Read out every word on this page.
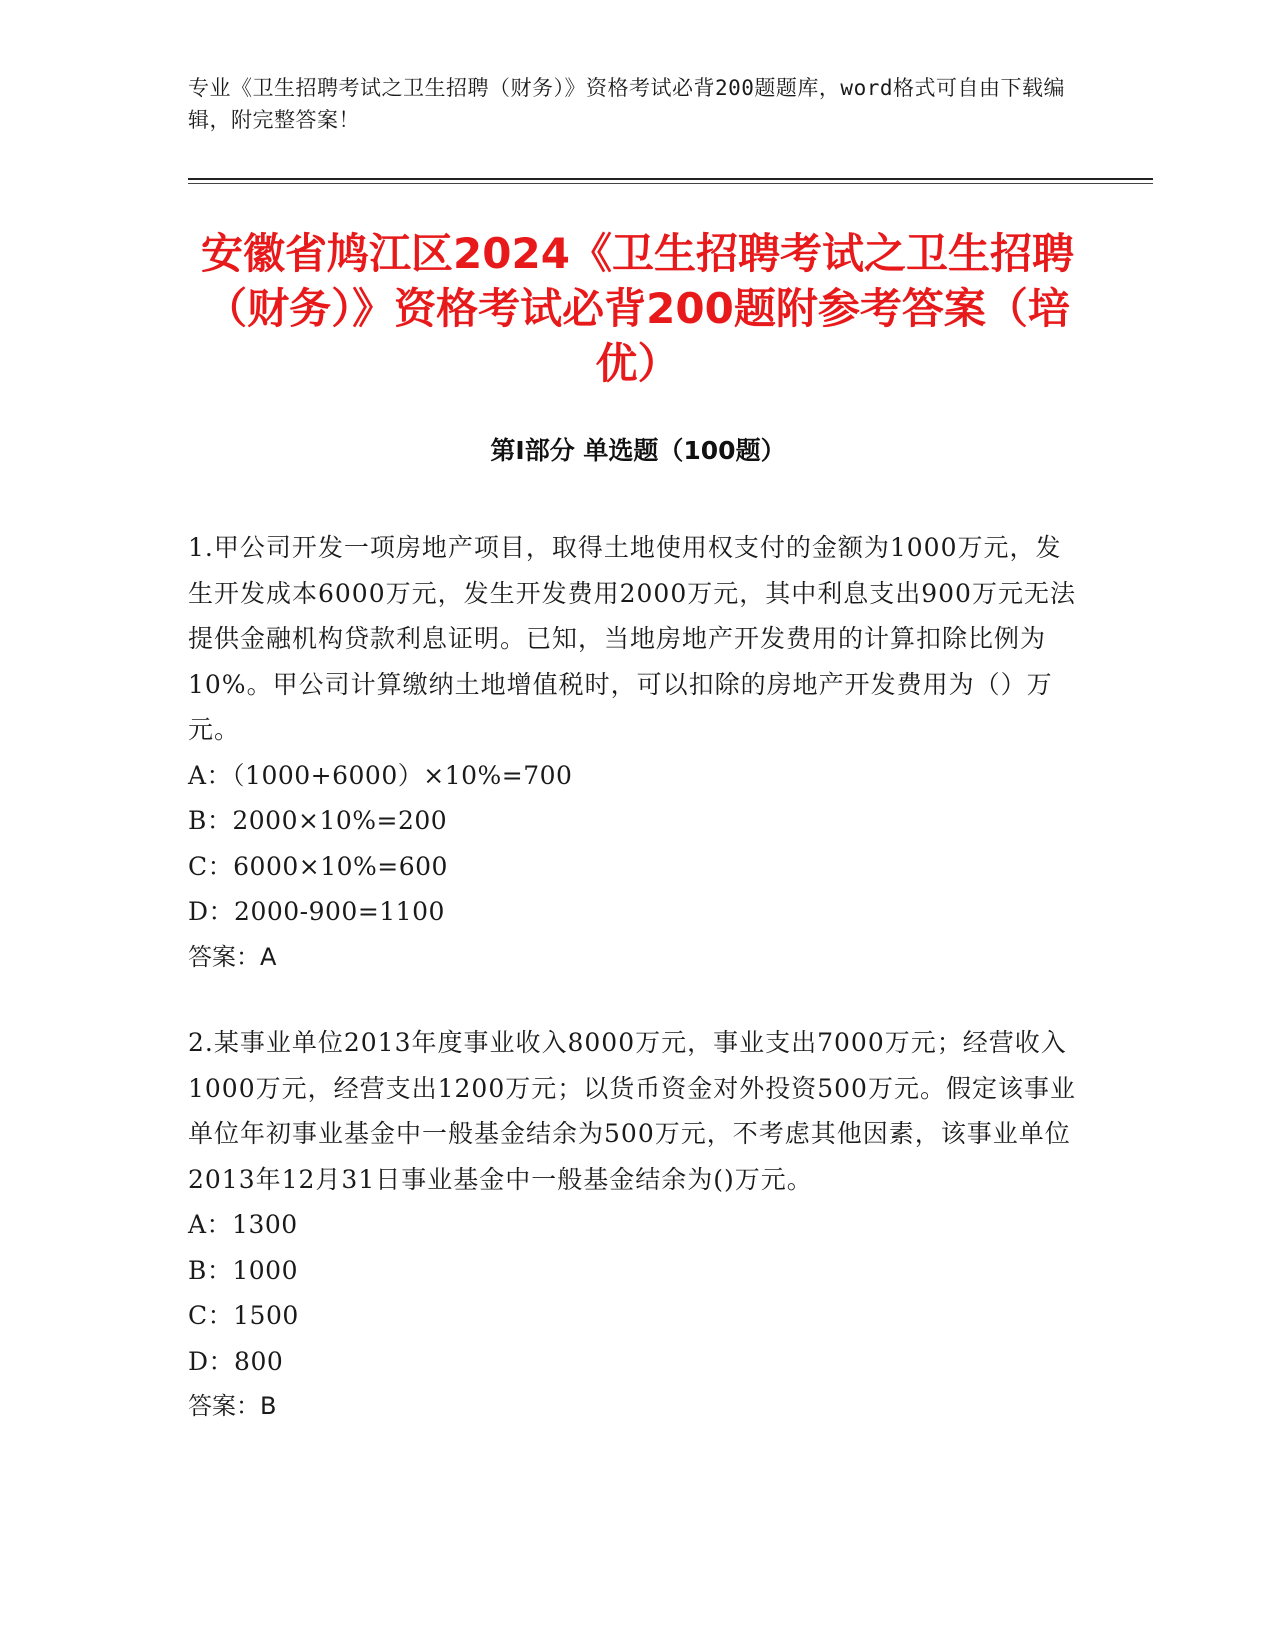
专业《卫生招聘考试之卫生招聘（财务）》资格考试必背200题题库，word格式可自由下载编辑，附完整答案！
安徽省鸠江区2024《卫生招聘考试之卫生招聘（财务）》资格考试必背200题附参考答案（培优）
第Ⅰ部分 单选题（100题）
1.甲公司开发一项房地产项目，取得土地使用权支付的金额为1000万元，发生开发成本6000万元，发生开发费用2000万元，其中利息支出900万元无法提供金融机构贷款利息证明。已知，当地房地产开发费用的计算扣除比例为10%。甲公司计算缴纳土地增值税时，可以扣除的房地产开发费用为（）万元。
A：（1000+6000）×10%=700
B：2000×10%=200
C：6000×10%=600
D：2000-900=1100
答案：A
2.某事业单位2013年度事业收入8000万元，事业支出7000万元；经营收入1000万元，经营支出1200万元；以货币资金对外投资500万元。假定该事业单位年初事业基金中一般基金结余为500万元，不考虑其他因素，该事业单位2013年12月31日事业基金中一般基金结余为()万元。
A：1300
B：1000
C：1500
D：800
答案：B
